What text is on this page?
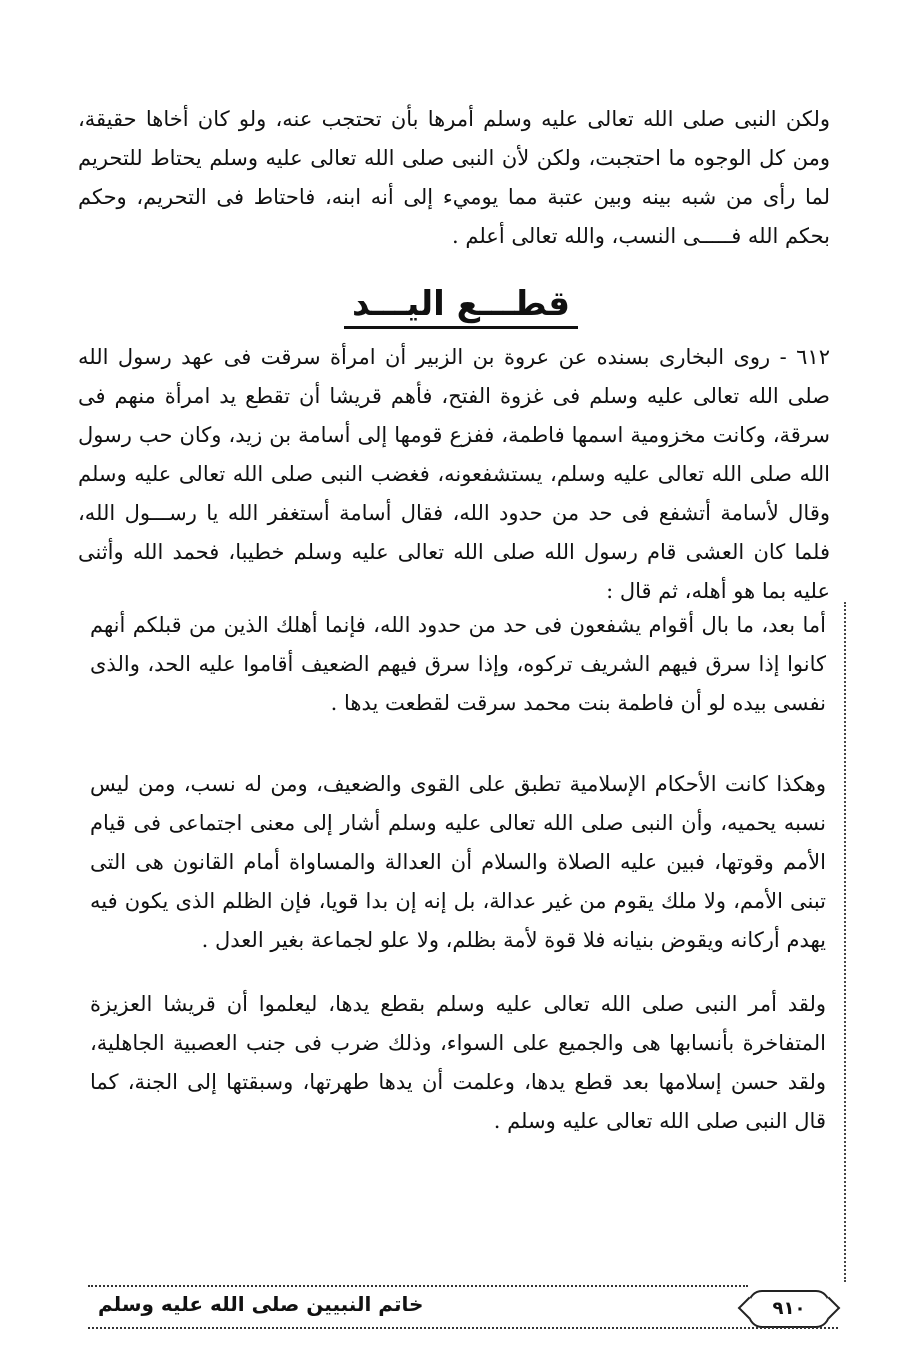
ولكن النبى صلى الله تعالى عليه وسلم أمرها بأن تحتجب عنه، ولو كان أخاها حقيقة، ومن كل الوجوه ما احتجبت، ولكن لأن النبى صلى الله تعالى عليه وسلم يحتاط للتحريم لما رأى من شبه بينه وبين عتبة مما يوميء إلى أنه ابنه، فاحتاط فى التحريم، وحكم بحكم الله فـــــى النسب، والله تعالى أعلم .

قطـــع اليـــد

٦١٢ - روى البخارى بسنده عن عروة بن الزبير أن امرأة سرقت فى عهد رسول الله صلى الله تعالى عليه وسلم فى غزوة الفتح، فأهم قريشا أن تقطع يد امرأة منهم فى سرقة، وكانت مخزومية اسمها فاطمة، ففزع قومها إلى أسامة بن زيد، وكان حب رسول الله صلى الله تعالى عليه وسلم، يستشفعونه، فغضب النبى صلى الله تعالى عليه وسلم وقال لأسامة أتشفع فى حد من حدود الله، فقال أسامة أستغفر الله يا رســـول الله، فلما كان العشى قام رسول الله صلى الله تعالى عليه وسلم خطيبا، فحمد الله وأثنى عليه بما هو أهله، ثم قال :

أما بعد، ما بال أقوام يشفعون فى حد من حدود الله، فإنما أهلك الذين من قبلكم أنهم كانوا إذا سرق فيهم الشريف تركوه، وإذا سرق فيهم الضعيف أقاموا عليه الحد، والذى نفسى بيده لو أن فاطمة بنت محمد سرقت لقطعت يدها .

وهكذا كانت الأحكام الإسلامية تطبق على القوى والضعيف، ومن له نسب، ومن ليس نسبه يحميه، وأن النبى صلى الله تعالى عليه وسلم أشار إلى معنى اجتماعى فى قيام الأمم وقوتها، فبين عليه الصلاة والسلام أن العدالة والمساواة أمام القانون هى التى تبنى الأمم، ولا ملك يقوم من غير عدالة، بل إنه إن بدا قويا، فإن الظلم الذى يكون فيه يهدم أركانه ويقوض بنيانه فلا قوة لأمة بظلم، ولا علو لجماعة بغير العدل .

ولقد أمر النبى صلى الله تعالى عليه وسلم بقطع يدها، ليعلموا أن قريشا العزيزة المتفاخرة بأنسابها هى والجميع على السواء، وذلك ضرب فى جنب العصبية الجاهلية، ولقد حسن إسلامها بعد قطع يدها، وعلمت أن يدها طهرتها، وسبقتها إلى الجنة، كما قال النبى صلى الله تعالى عليه وسلم .

خاتم النبيين صلى الله عليه وسلم	٩١٠
